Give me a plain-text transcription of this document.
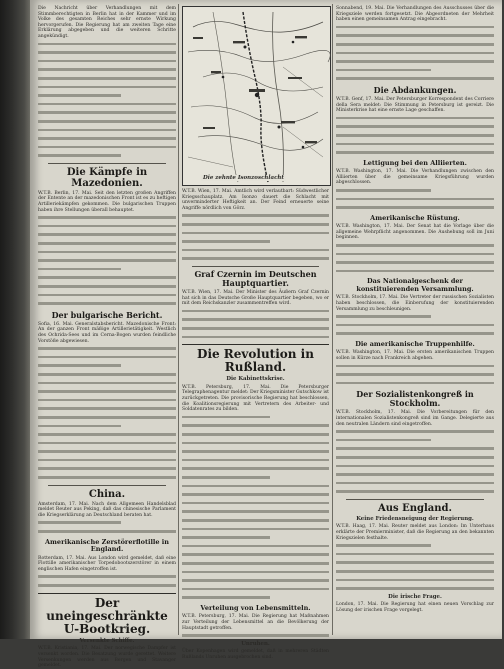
Die Nachricht über Verhandlungen mit dem Stimmberechtigten in Berlin hat in der Kammer und im Volke des gesamten Reiches sehr ernste Wirkung hervorgerufen. Die Regierung hat am zweiten Tage eine Erklärung abgegeben und die weiteren Schritte angekündigt.

Die Kämpfe in Mazedonien.

W.T.B. Berlin, 17. Mai. Seit den letzten großen Angriffen der Entente an der mazedonischen Front ist es zu heftigen Artilleriekämpfen gekommen. Die bulgarischen Truppen haben ihre Stellungen überall behauptet.

Der bulgarische Bericht.

Sofia, 16. Mai. Generalstabsbericht. Mazedonische Front: An der ganzen Front mäßige Artillerietätigkeit. Westlich des Ochrida-Sees und im Cerna-Bogen wurden feindliche Vorstöße abgewiesen.

China.

Amsterdam, 17. Mai. Nach dem Allgemeen Handelsblad meldet Reuter aus Peking, daß das chinesische Parlament die Kriegserklärung an Deutschland beraten hat.

Amerikanische Zerstörerflotille in England.

Rotterdam, 17. Mai. Aus London wird gemeldet, daß eine Flottille amerikanischer Torpedobootszerstörer in einem englischen Hafen eingetroffen ist.

Der uneingeschränkte U-Bootkrieg.
Versenkte Schiffe.

W.T.B. Kristiania, 17. Mai. Der norwegische Dampfer ist versenkt worden. Die Besatzung wurde gerettet. Weitere Versenkungen werden aus Bergen und Stavanger gemeldet.

Die zehnte Isonzoschlacht

W.T.B. Wien, 17. Mai. Amtlich wird verlautbart: Südwestlicher Kriegsschauplatz. Am Isonzo dauert die Schlacht mit unverminderter Heftigkeit an. Der Feind erneuerte seine Angriffe nördlich von Görz.

Graf Czernin im Deutschen Hauptquartier.

W.T.B. Wien, 17. Mai. Der Minister des Äußern Graf Czernin hat sich in das Deutsche Große Hauptquartier begeben, wo er mit dem Reichskanzler zusammentreffen wird.

Die Revolution in Rußland.
Die Kabinettskrise.

W.T.B. Petersburg, 17. Mai. Die Petersburger Telegraphenagentur meldet: Der Kriegsminister Gutschkow ist zurückgetreten. Die provisorische Regierung hat beschlossen, die Koalitionsregierung mit Vertretern des Arbeiter- und Soldatenrates zu bilden.

Verteilung von Lebensmitteln.

W.T.B. Petersburg, 17. Mai. Die Regierung hat Maßnahmen zur Verteilung der Lebensmittel an die Bevölkerung der Hauptstadt getroffen.

Unruhen.

Über Kopenhagen wird gemeldet, daß in mehreren Städten Rußlands Unruhen ausgebrochen sind.

Sonnabend, 19. Mai. Die Verhandlungen des Ausschusses über die Kriegsziele werden fortgesetzt. Die Abgeordneten der Mehrheit haben einen gemeinsamen Antrag eingebracht.

Die Abdankungen.

W.T.B. Genf, 17. Mai. Der Petersburger Korrespondent des Corriere della Sera meldet: Die Stimmung in Petersburg ist gereizt. Die Ministerkrise hat eine ernste Lage geschaffen.

Lettigung bei den Alliierten.

W.T.B. Washington, 17. Mai. Die Verhandlungen zwischen den Alliierten über die gemeinsame Kriegsführung wurden abgeschlossen.

Amerikanische Rüstung.

W.T.B. Washington, 17. Mai. Der Senat hat die Vorlage über die allgemeine Wehrpflicht angenommen. Die Aushebung soll im Juni beginnen.

Das Nationalgeschenk der konstituierenden Versammlung.

W.T.B. Stockholm, 17. Mai. Die Vertreter der russischen Sozialisten haben beschlossen, die Einberufung der konstituierenden Versammlung zu beschleunigen.

Die amerikanische Truppenhilfe.

W.T.B. Washington, 17. Mai. Die ersten amerikanischen Truppen sollen in Kürze nach Frankreich abgehen.

Der Sozialistenkongreß in Stockholm.

W.T.B. Stockholm, 17. Mai. Die Vorbereitungen für den internationalen Sozialistenkongreß sind im Gange. Delegierte aus den neutralen Ländern sind eingetroffen.

Aus England.
Keine Friedensneigung der Regierung.

W.T.B. Haag, 17. Mai. Reuter meldet aus London: Im Unterhaus erklärte der Premierminister, daß die Regierung an den bekannten Kriegszielen festhalte.

Die irische Frage.

London, 17. Mai. Die Regierung hat einen neuen Vorschlag zur Lösung der irischen Frage vorgelegt.
